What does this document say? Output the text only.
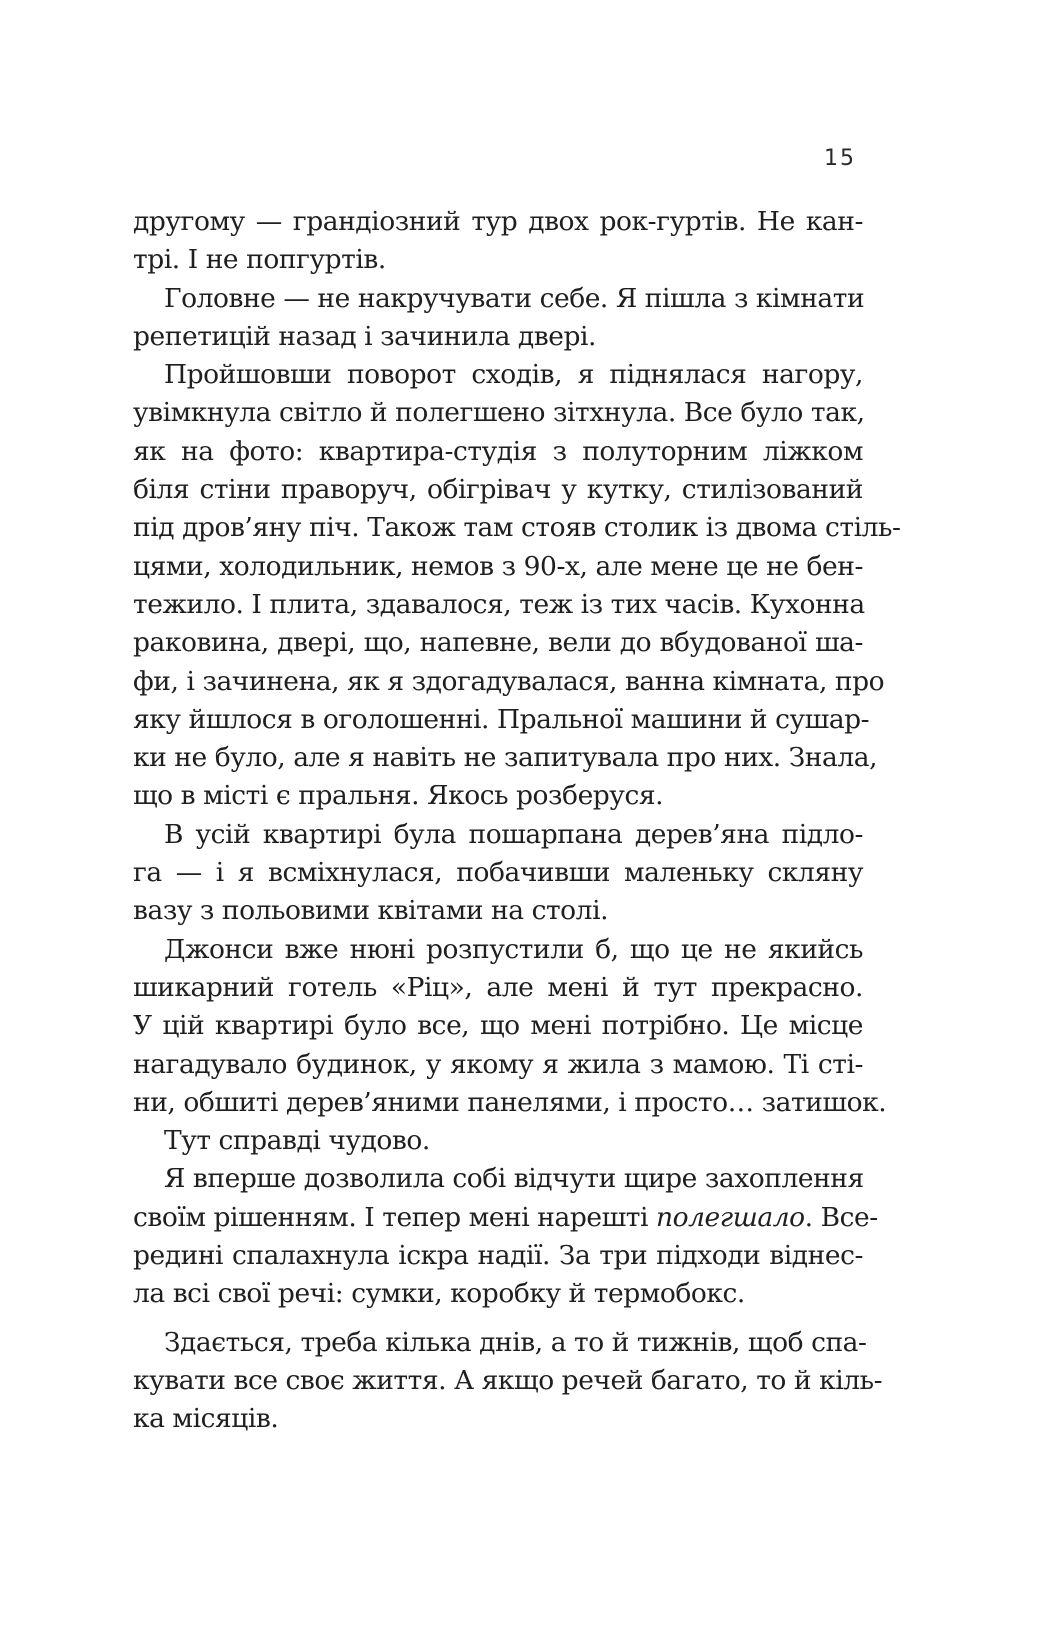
15
другому — грандіозний тур двох рок-гуртів. Не кан-
трі. І не попгуртів.
Головне — не накручувати себе. Я пішла з кімнати
репетицій назад і зачинила двері.
Пройшовши поворот сходів, я піднялася нагору,
увімкнула світло й полегшено зітхнула. Все було так,
як на фото: квартира-студія з полуторним ліжком
біля стіни праворуч, обігрівач у кутку, стилізований
під дров’яну піч. Також там стояв столик із двома стіль-
цями, холодильник, немов з 90-х, але мене це не бен-
тежило. І плита, здавалося, теж із тих часів. Кухонна
раковина, двері, що, напевне, вели до вбудованої ша-
фи, і зачинена, як я здогадувалася, ванна кімната, про
яку йшлося в оголошенні. Пральної машини й сушар-
ки не було, але я навіть не запитувала про них. Знала,
що в місті є пральня. Якось розберуся.
В усій квартирі була пошарпана дерев’яна підло-
га — і я всміхнулася, побачивши маленьку скляну
вазу з польовими квітами на столі.
Джонси вже нюні розпустили б, що це не якийсь
шикарний готель «Ріц», але мені й тут прекрасно.
У цій квартирі було все, що мені потрібно. Це місце
нагадувало будинок, у якому я жила з мамою. Ті сті-
ни, обшиті дерев’яними панелями, і просто… затишок.
Тут справді чудово.
Я вперше дозволила собі відчути щире захоплення
своїм рішенням. І тепер мені нарешті полегшало. Все-
редині спалахнула іскра надії. За три підходи віднес-
ла всі свої речі: сумки, коробку й термобокс.
Здається, треба кілька днів, а то й тижнів, щоб спа-
кувати все своє життя. А якщо речей багато, то й кіль-
ка місяців.
